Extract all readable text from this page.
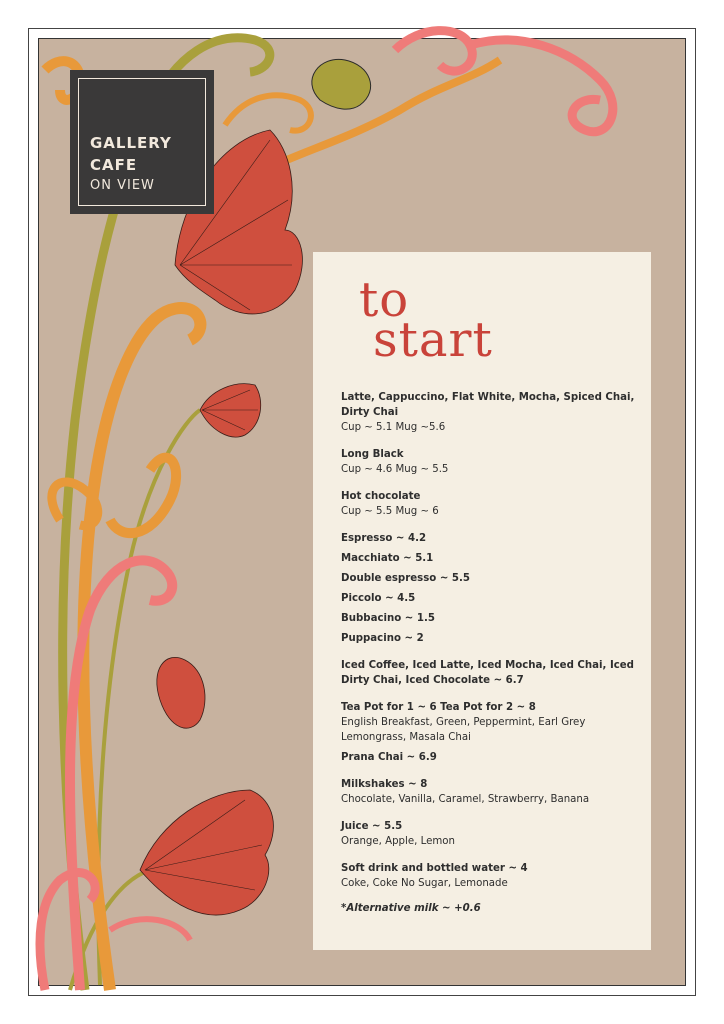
GALLERY
CAFE
ON VIEW
to
start
Latte, Cappuccino, Flat White, Mocha, Spiced Chai, Dirty Chai
Cup ~ 5.1 Mug ~5.6
Long Black
Cup ~ 4.6 Mug ~ 5.5
Hot chocolate
Cup ~ 5.5 Mug ~ 6
Espresso ~ 4.2
Macchiato ~ 5.1
Double espresso ~ 5.5
Piccolo ~ 4.5
Bubbacino ~ 1.5
Puppacino ~ 2
Iced Coffee, Iced Latte, Iced Mocha, Iced Chai, Iced Dirty Chai, Iced Chocolate ~ 6.7
Tea Pot for 1 ~ 6 Tea Pot for 2 ~ 8
English Breakfast, Green, Peppermint, Earl Grey Lemongrass, Masala Chai
Prana Chai ~ 6.9
Milkshakes ~ 8
Chocolate, Vanilla, Caramel, Strawberry, Banana
Juice ~ 5.5
Orange, Apple, Lemon
Soft drink and bottled water ~ 4
Coke, Coke No Sugar, Lemonade
*Alternative milk ~ +0.6
